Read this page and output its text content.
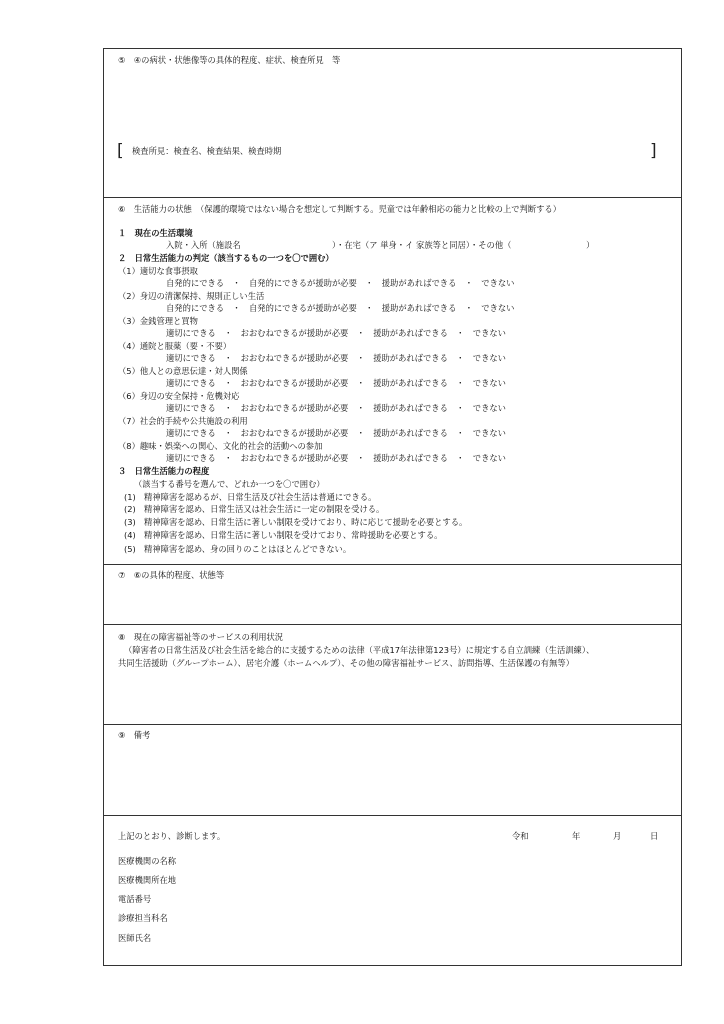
⑤　④の病状・状態像等の具体的程度、症状、検査所見　等
[ 検査所見：検査名、検査結果、検査時期	]
⑥　生活能力の状態　（保護的環境ではない場合を想定して判断する。児童では年齢相応の能力と比較の上で判断する）
１　現在の生活環境
入院・入所（施設名　　　　　　　　　　　）・在宅（ア 単身・イ 家族等と同居）・その他（　　　　　　　　　）
２　日常生活能力の判定（該当するもの一つを〇で囲む）
（1）適切な食事摂取
自発的にできる　・　自発的にできるが援助が必要　・　援助があればできる　・　できない
（2）身辺の清潔保持、規則正しい生活
自発的にできる　・　自発的にできるが援助が必要　・　援助があればできる　・　できない
（3）金銭管理と買物
適切にできる　・　おおむねできるが援助が必要　・　援助があればできる　・　できない
（4）通院と服薬（要・不要）
適切にできる　・　おおむねできるが援助が必要　・　援助があればできる　・　できない
（5）他人との意思伝達・対人関係
適切にできる　・　おおむねできるが援助が必要　・　援助があればできる　・　できない
（6）身辺の安全保持・危機対応
適切にできる　・　おおむねできるが援助が必要　・　援助があればできる　・　できない
（7）社会的手続や公共施設の利用
適切にできる　・　おおむねできるが援助が必要　・　援助があればできる　・　できない
（8）趣味・娯楽への関心、文化的社会的活動への参加
適切にできる　・　おおむねできるが援助が必要　・　援助があればできる　・　できない
３　日常生活能力の程度
（該当する番号を選んで、どれか一つを〇で囲む）
(1)　精神障害を認めるが、日常生活及び社会生活は普通にできる。
(2)　精神障害を認め、日常生活又は社会生活に一定の制限を受ける。
(3)　精神障害を認め、日常生活に著しい制限を受けており、時に応じて援助を必要とする。
(4)　精神障害を認め、日常生活に著しい制限を受けており、常時援助を必要とする。
(5)　精神障害を認め、身の回りのことはほとんどできない。
⑦　⑥の具体的程度、状態等
⑧　現在の障害福祉等のサービスの利用状況
（障害者の日常生活及び社会生活を総合的に支援するための法律（平成17年法律第123号）に規定する自立訓練（生活訓練）、
共同生活援助（グループホーム）、居宅介護（ホームヘルプ）、その他の障害福祉サービス、訪問指導、生活保護の有無等）
⑨　備考
上記のとおり、診断します。	令和	年	月	日
医療機関の名称
医療機関所在地
電話番号
診療担当科名
医師氏名
